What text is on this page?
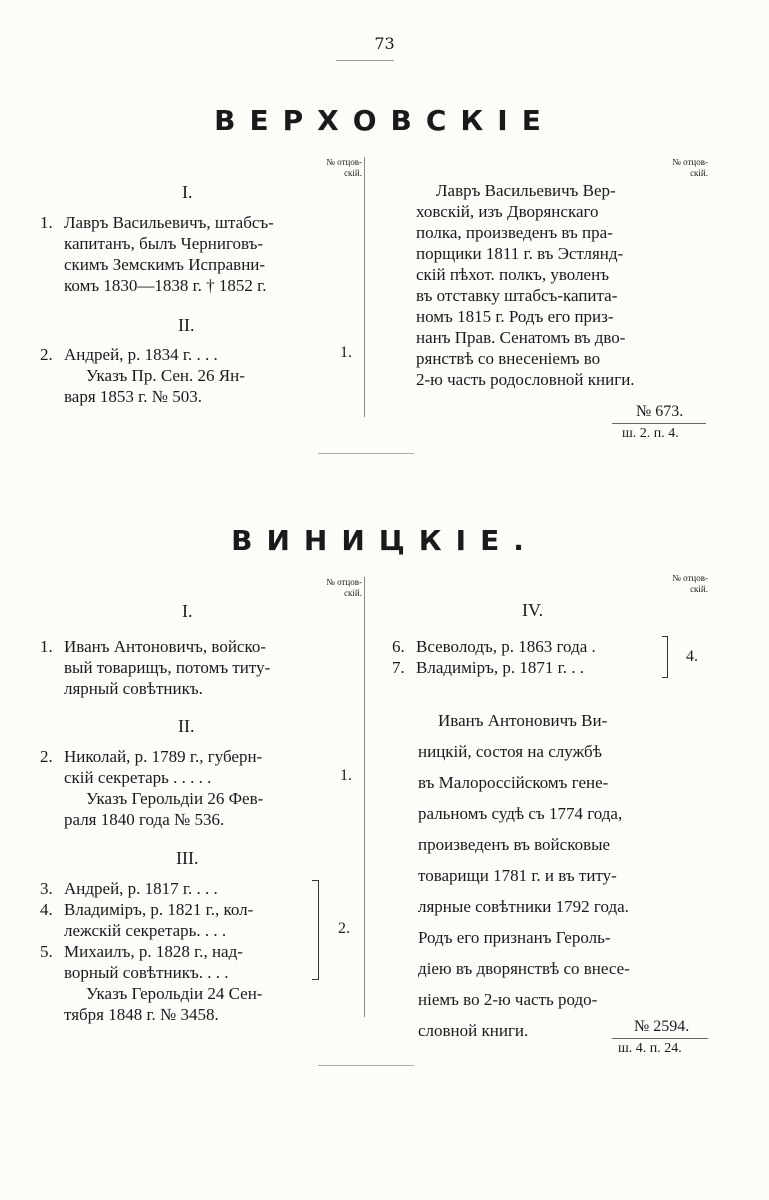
73
ВЕРХОВСКІЕ
№ отцов-
скій.
№ отцов-
скій.
I.
1. Лавръ Васильевичъ, штабсъ-
капитанъ, былъ Черниговъ-
скимъ Земскимъ Исправни-
комъ 1830—1838 г. † 1852 г.
II.
2. Андрей, р. 1834 г. . . .	1.
Указъ Пр. Сен. 26 Ян-
варя 1853 г. № 503.
Лавръ Васильевичъ Вер-
ховскій, изъ Дворянскаго
полка, произведенъ въ пра-
порщики 1811 г. въ Эстлянд-
скій пѣхот. полкъ, уволенъ
въ отставку штабсъ-капита-
номъ 1815 г. Родъ его приз-
нанъ Прав. Сенатомъ въ дво-
рянствѣ со внесеніемъ во
2-ю часть родословной книги.
№ 673.
ш. 2. п. 4.
ВИНИЦКІЕ.
№ отцов-
скій.
№ отцов-
скій.
I.
1. Иванъ Антоновичъ, войско-
вый товарищъ, потомъ титу-
лярный совѣтникъ.
II.
2. Николай, р. 1789 г., губерн-
скій секретарь . . . . .	1.
Указъ Герольдіи 26 Фев-
раля 1840 года № 536.
III.
3. Андрей, р. 1817 г. . . .
4. Владиміръ, р. 1821 г., кол-
лежскій секретарь. . . .
5. Михаилъ, р. 1828 г., над-
ворный совѣтникъ. . . .
Указъ Герольдіи 24 Сен-
тября 1848 г. № 3458.
2.
IV.
6. Всеволодъ, р. 1863 года .
7. Владиміръ, р. 1871 г. . .
4.
Иванъ Антоновичъ Ви-
ницкій, состоя на службѣ
въ Малороссійскомъ гене-
ральномъ судѣ съ 1774 года,
произведенъ въ войсковые
товарищи 1781 г. и въ титу-
лярные совѣтники 1792 года.
Родъ его признанъ Героль-
діею въ дворянствѣ со внесе-
ніемъ во 2-ю часть родо-
словной книги.	№ 2594.
ш. 4. п. 24.
